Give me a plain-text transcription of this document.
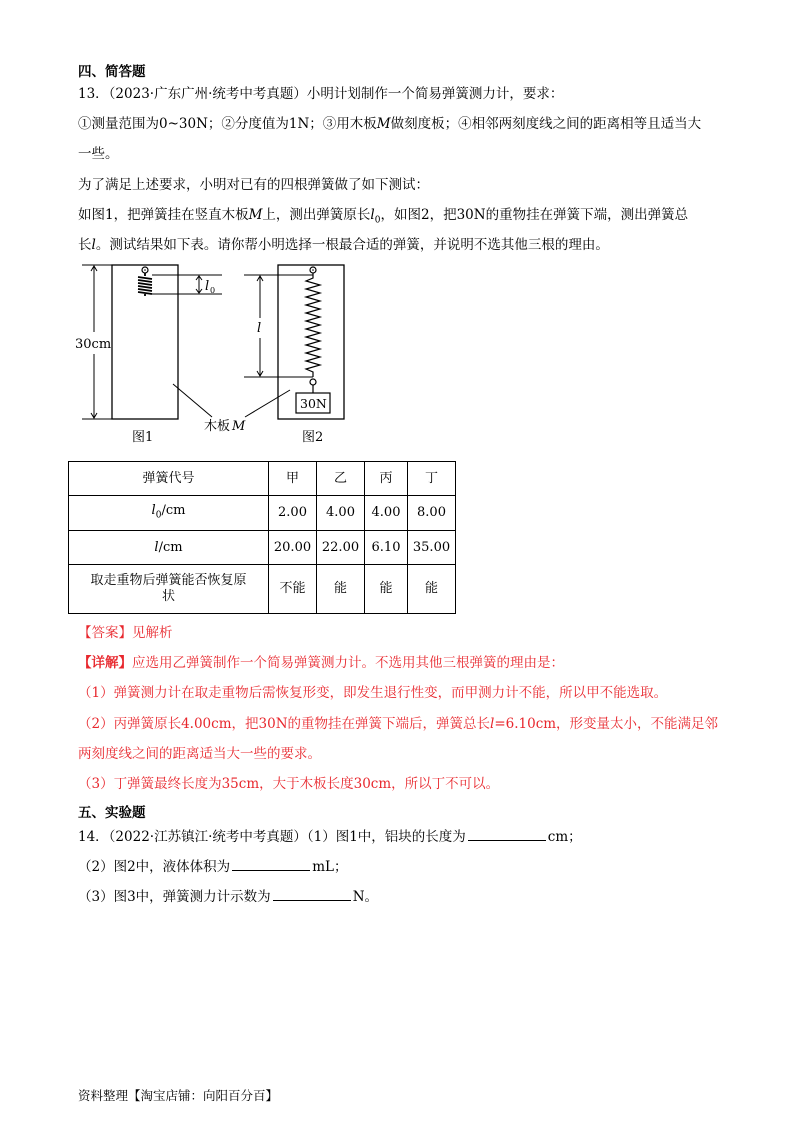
四、简答题
13．（2023·广东广州·统考中考真题）小明计划制作一个简易弹簧测力计，要求：
①测量范围为0~30N；②分度值为1N；③用木板M做刻度板；④相邻两刻度线之间的距离相等且适当大
一些。
为了满足上述要求，小明对已有的四根弹簧做了如下测试：
如图1，把弹簧挂在竖直木板M上，测出弹簧原长$l_0$，如图2，把30N的重物挂在弹簧下端，测出弹簧总
长l。测试结果如下表。请你帮小明选择一根最合适的弹簧，并说明不选其他三根的理由。
l 0
30cm
30N
l
木板 M
图1	图2
弹簧代号	甲	乙	丙	丁
$l_0/cm$	2.00	4.00	4.00	8.00
l/cm	20.00	22.00	6.10	35.00
取走重物后弹簧能否恢复原
状	不能	能	能	能
【答案】见解析
【详解】应选用乙弹簧制作一个简易弹簧测力计。不选用其他三根弹簧的理由是：
（1）弹簧测力计在取走重物后需恢复形变，即发生退行性变，而甲测力计不能，所以甲不能选取。
（2）丙弹簧原长4.00cm，把30N的重物挂在弹簧下端后，弹簧总长l=6.10cm，形变量太小，不能满足邻
两刻度线之间的距离适当大一些的要求。
（3）丁弹簧最终长度为35cm，大于木板长度30cm，所以丁不可以。
五、实验题
14．（2022·江苏镇江·统考中考真题）（1）图1中，铝块的长度为	cm；
（2）图2中，液体体积为	mL；
（3）图3中，弹簧测力计示数为	N。
资料整理【淘宝店铺：向阳百分百】
